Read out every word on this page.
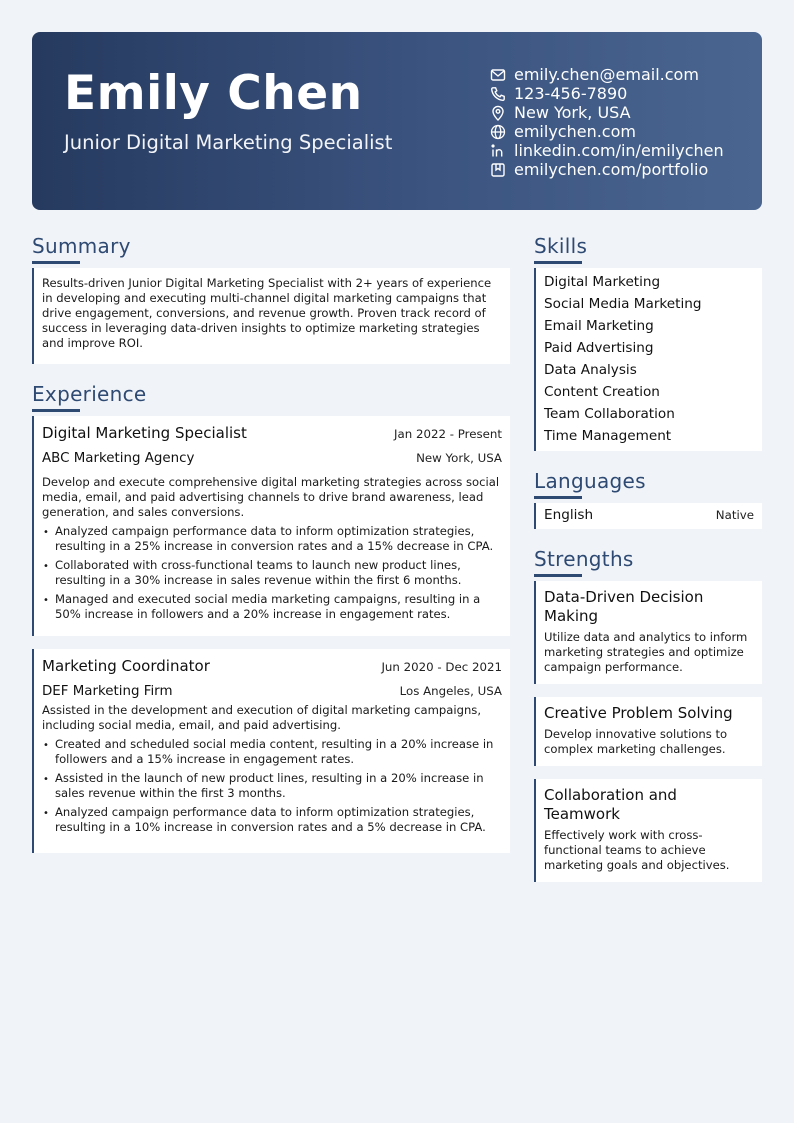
Emily Chen
Junior Digital Marketing Specialist
emily.chen@email.com
123-456-7890
New York, USA
emilychen.com
linkedin.com/in/emilychen
emilychen.com/portfolio
Summary
Results-driven Junior Digital Marketing Specialist with 2+ years of experience in developing and executing multi-channel digital marketing campaigns that drive engagement, conversions, and revenue growth. Proven track record of success in leveraging data-driven insights to optimize marketing strategies and improve ROI.
Experience
Digital Marketing Specialist	Jan 2022 - Present
ABC Marketing Agency	New York, USA
Develop and execute comprehensive digital marketing strategies across social media, email, and paid advertising channels to drive brand awareness, lead generation, and sales conversions.
• Analyzed campaign performance data to inform optimization strategies, resulting in a 25% increase in conversion rates and a 15% decrease in CPA.
• Collaborated with cross-functional teams to launch new product lines, resulting in a 30% increase in sales revenue within the first 6 months.
• Managed and executed social media marketing campaigns, resulting in a 50% increase in followers and a 20% increase in engagement rates.
Marketing Coordinator	Jun 2020 - Dec 2021
DEF Marketing Firm	Los Angeles, USA
Assisted in the development and execution of digital marketing campaigns, including social media, email, and paid advertising.
• Created and scheduled social media content, resulting in a 20% increase in followers and a 15% increase in engagement rates.
• Assisted in the launch of new product lines, resulting in a 20% increase in sales revenue within the first 3 months.
• Analyzed campaign performance data to inform optimization strategies, resulting in a 10% increase in conversion rates and a 5% decrease in CPA.
Skills
Digital Marketing
Social Media Marketing
Email Marketing
Paid Advertising
Data Analysis
Content Creation
Team Collaboration
Time Management
Languages
English	Native
Strengths
Data-Driven Decision Making
Utilize data and analytics to inform marketing strategies and optimize campaign performance.
Creative Problem Solving
Develop innovative solutions to complex marketing challenges.
Collaboration and Teamwork
Effectively work with cross-functional teams to achieve marketing goals and objectives.
